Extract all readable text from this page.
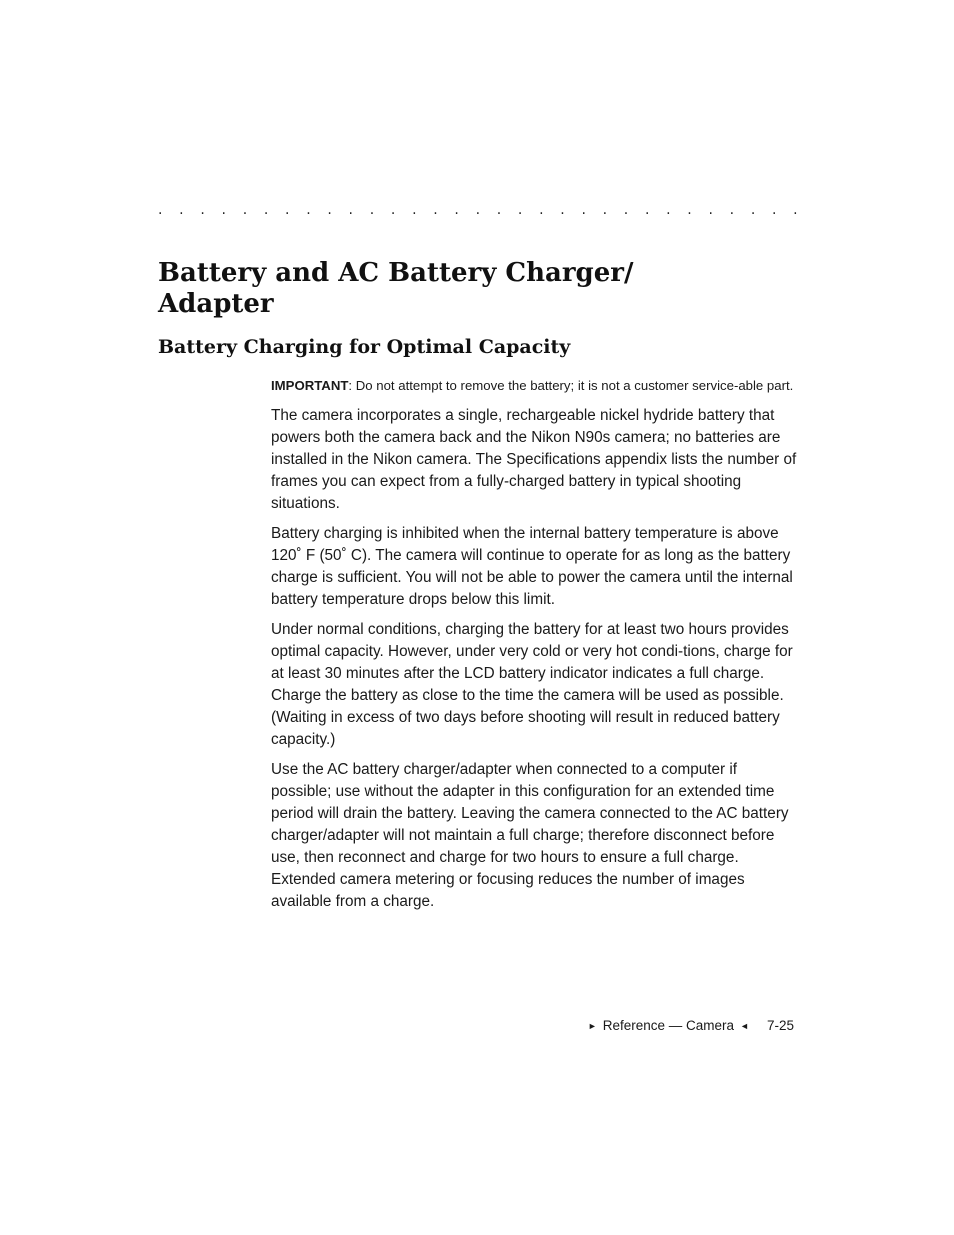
. . . . . . . . . . . . . . . . . . . . . . . . . . . . . . .
Battery and AC Battery Charger/ Adapter
Battery Charging for Optimal Capacity

IMPORTANT: Do not attempt to remove the battery; it is not a customer service-able part.

The camera incorporates a single, rechargeable nickel hydride battery that powers both the camera back and the Nikon N90s camera; no batteries are installed in the Nikon camera. The Specifications appendix lists the number of frames you can expect from a fully-charged battery in typical shooting situations.

Battery charging is inhibited when the internal battery temperature is above 120˚ F (50˚ C). The camera will continue to operate for as long as the battery charge is sufficient. You will not be able to power the camera until the internal battery temperature drops below this limit.

Under normal conditions, charging the battery for at least two hours provides optimal capacity. However, under very cold or very hot condi-tions, charge for at least 30 minutes after the LCD battery indicator indicates a full charge. Charge the battery as close to the time the camera will be used as possible. (Waiting in excess of two days before shooting will result in reduced battery capacity.)

Use the AC battery charger/adapter when connected to a computer if possible; use without the adapter in this configuration for an extended time period will drain the battery. Leaving the camera connected to the AC battery charger/adapter will not maintain a full charge; therefore disconnect before use, then reconnect and charge for two hours to ensure a full charge. Extended camera metering or focusing reduces the number of images available from a charge.

► Reference — Camera ◄ 7-25
